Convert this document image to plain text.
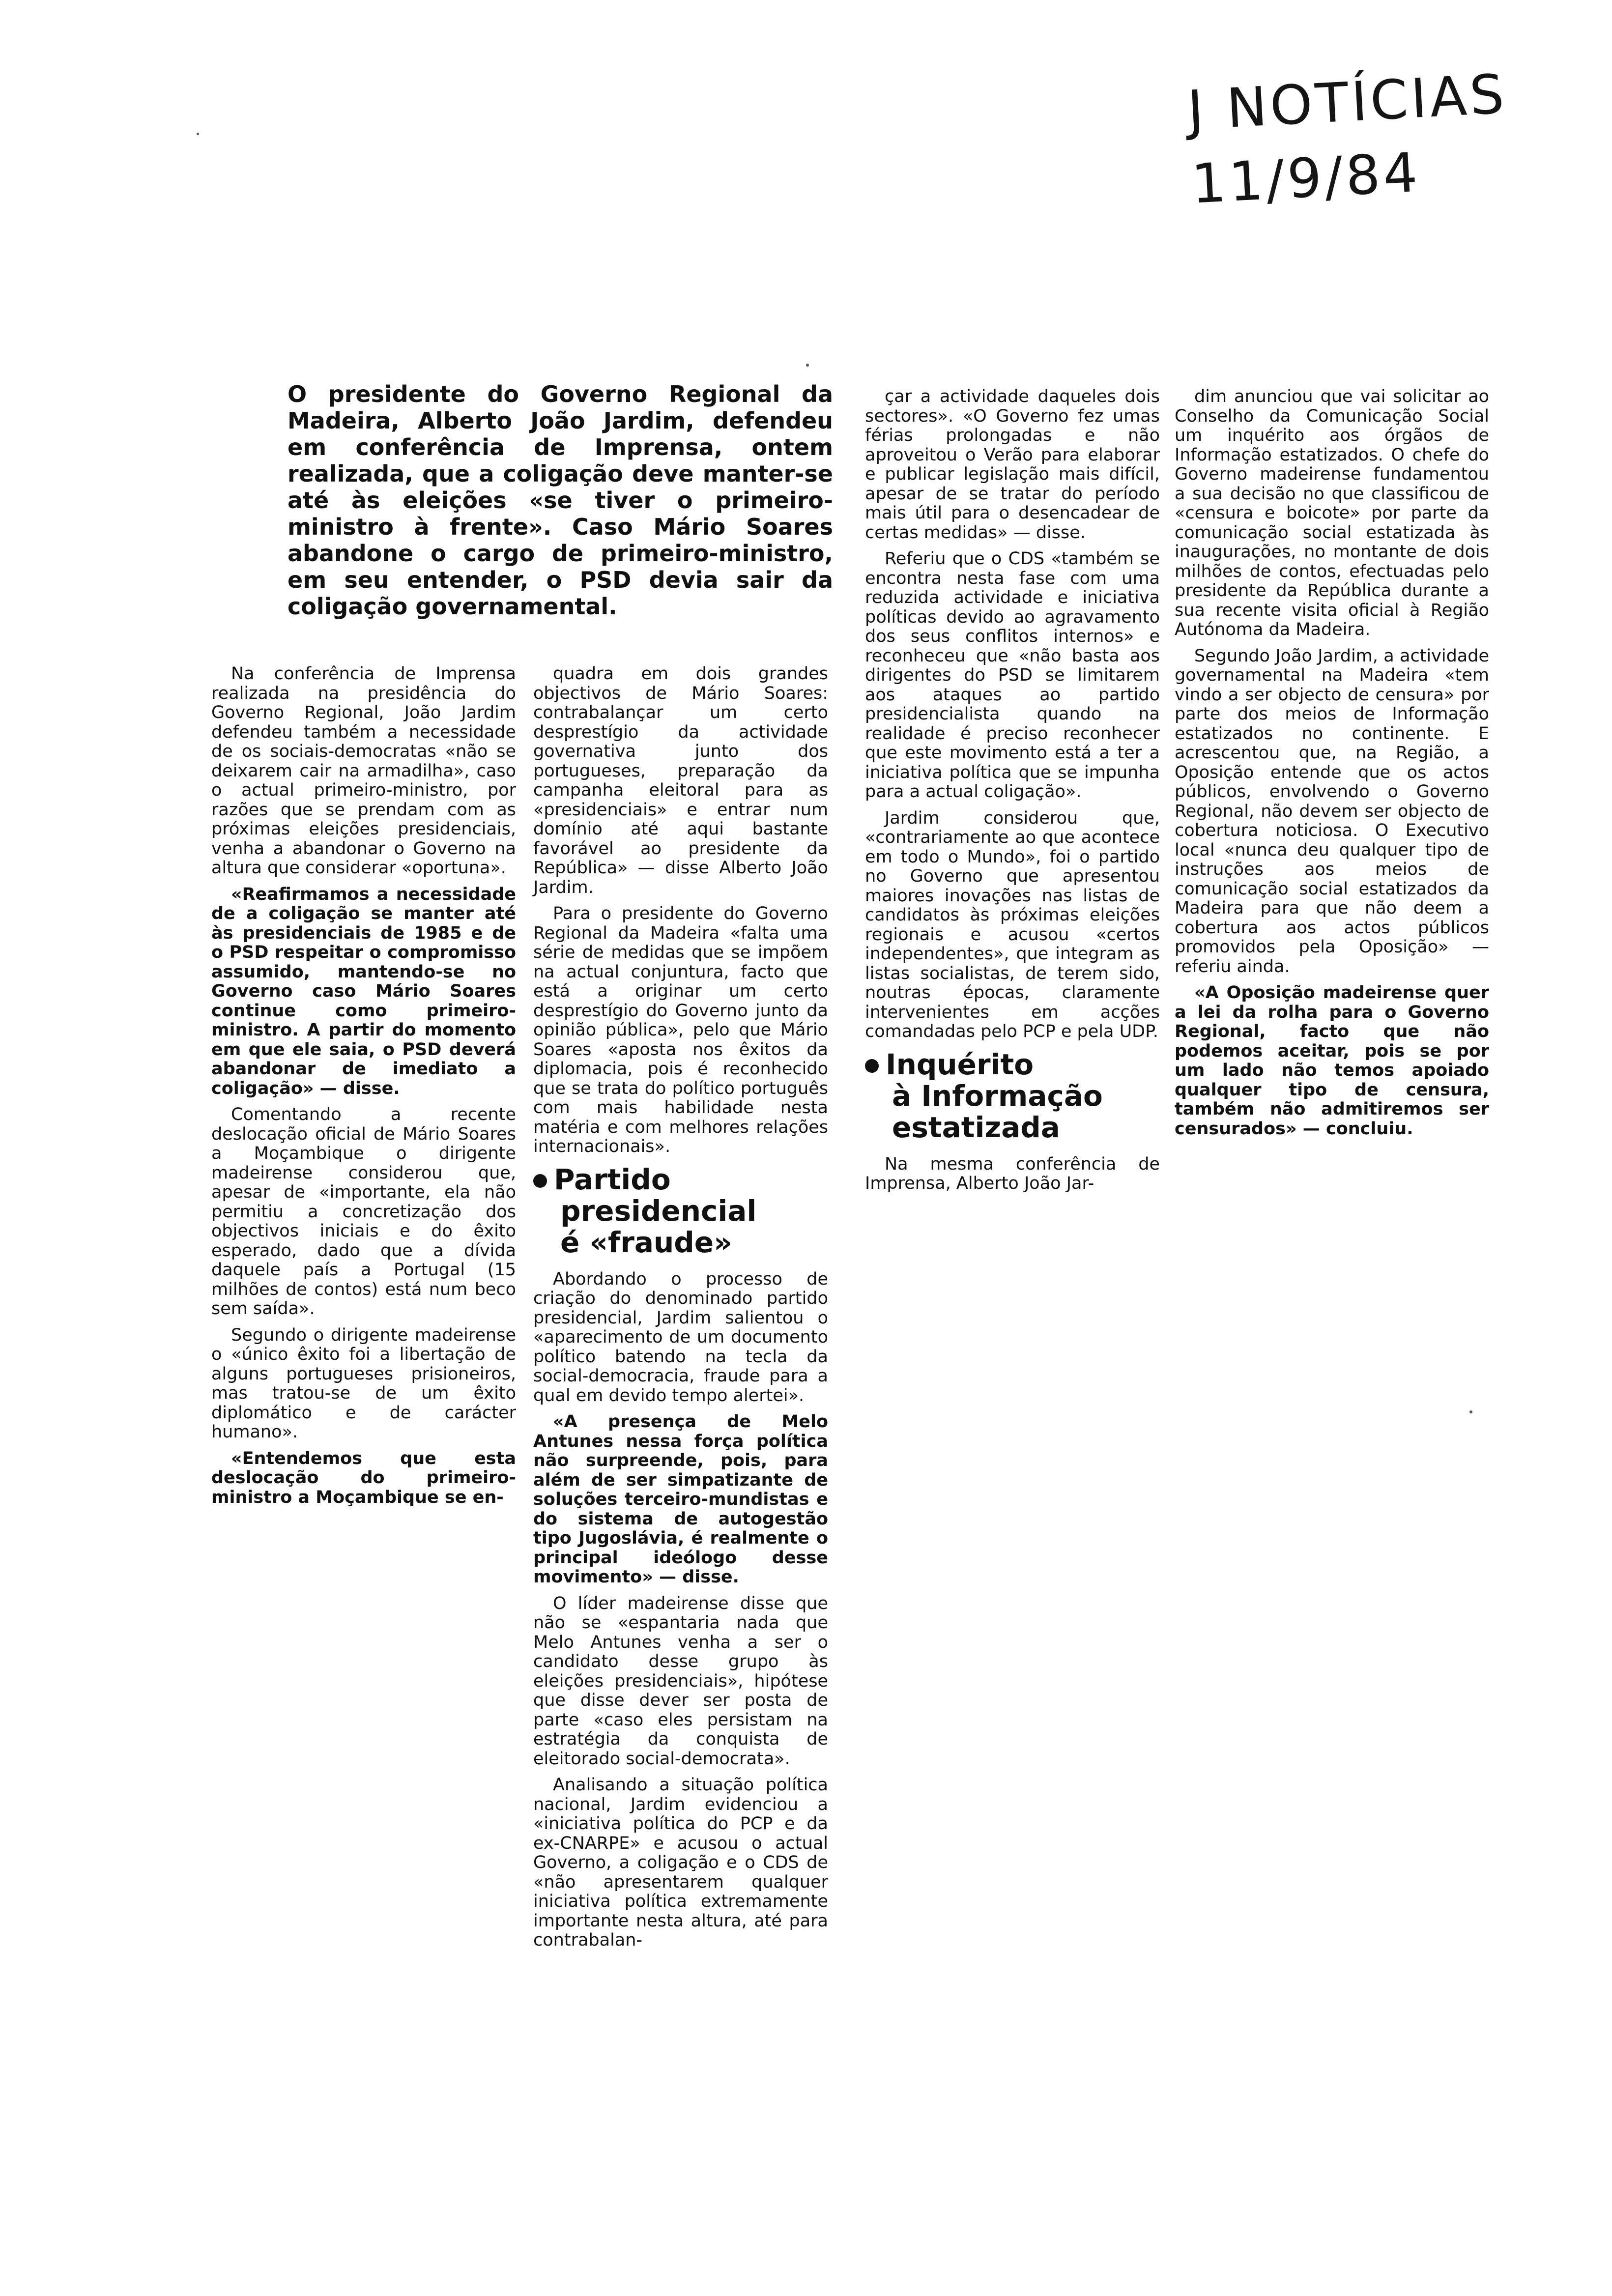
J NOTÍCIAS
11/9/84
O presidente do Governo Regional da Madeira, Alberto João Jardim, defendeu em conferência de Imprensa, ontem realizada, que a coligação deve manter-se até às eleições «se tiver o primeiro-ministro à frente». Caso Mário Soares abandone o cargo de primeiro-ministro, em seu entender, o PSD devia sair da coligação governamental.

Na conferência de Imprensa realizada na presidência do Governo Regional, João Jardim defendeu também a necessidade de os sociais-democratas «não se deixarem cair na armadilha», caso o actual primeiro-ministro, por razões que se prendam com as próximas eleições presidenciais, venha a abandonar o Governo na altura que considerar «oportuna».

«Reafirmamos a necessidade de a coligação se manter até às presidenciais de 1985 e de o PSD respeitar o compromisso assumido, mantendo-se no Governo caso Mário Soares continue como primeiro-ministro. A partir do momento em que ele saia, o PSD deverá abandonar de imediato a coligação» — disse.

Comentando a recente deslocação oficial de Mário Soares a Moçambique o dirigente madeirense considerou que, apesar de «importante, ela não permitiu a concretização dos objectivos iniciais e do êxito esperado, dado que a dívida daquele país a Portugal (15 milhões de contos) está num beco sem saída».

Segundo o dirigente madeirense o «único êxito foi a libertação de alguns portugueses prisioneiros, mas tratou-se de um êxito diplomático e de carácter humano».

«Entendemos que esta deslocação do primeiro-ministro a Moçambique se en-

quadra em dois grandes objectivos de Mário Soares: contrabalançar um certo desprestígio da actividade governativa junto dos portugueses, preparação da campanha eleitoral para as «presidenciais» e entrar num domínio até aqui bastante favorável ao presidente da República» — disse Alberto João Jardim.

Para o presidente do Governo Regional da Madeira «falta uma série de medidas que se impõem na actual conjuntura, facto que está a originar um certo desprestígio do Governo junto da opinião pública», pelo que Mário Soares «aposta nos êxitos da diplomacia, pois é reconhecido que se trata do político português com mais habilidade nesta matéria e com melhores relações internacionais».

Partido
presidencial
é «fraude»

Abordando o processo de criação do denominado partido presidencial, Jardim salientou o «aparecimento de um documento político batendo na tecla da social-democracia, fraude para a qual em devido tempo alertei».

«A presença de Melo Antunes nessa força política não surpreende, pois, para além de ser simpatizante de soluções terceiro-mundistas e do sistema de autogestão tipo Jugoslávia, é realmente o principal ideólogo desse movimento» — disse.

O líder madeirense disse que não se «espantaria nada que Melo Antunes venha a ser o candidato desse grupo às eleições presidenciais», hipótese que disse dever ser posta de parte «caso eles persistam na estratégia da conquista de eleitorado social-democrata».

Analisando a situação política nacional, Jardim evidenciou a «iniciativa política do PCP e da ex-CNARPE» e acusou o actual Governo, a coligação e o CDS de «não apresentarem qualquer iniciativa política extremamente importante nesta altura, até para contrabalan-

çar a actividade daqueles dois sectores». «O Governo fez umas férias prolongadas e não aproveitou o Verão para elaborar e publicar legislação mais difícil, apesar de se tratar do período mais útil para o desencadear de certas medidas» — disse.

Referiu que o CDS «também se encontra nesta fase com uma reduzida actividade e iniciativa políticas devido ao agravamento dos seus conflitos internos» e reconheceu que «não basta aos dirigentes do PSD se limitarem aos ataques ao partido presidencialista quando na realidade é preciso reconhecer que este movimento está a ter a iniciativa política que se impunha para a actual coligação».

Jardim considerou que, «contrariamente ao que acontece em todo o Mundo», foi o partido no Governo que apresentou maiores inovações nas listas de candidatos às próximas eleições regionais e acusou «certos independentes», que integram as listas socialistas, de terem sido, noutras épocas, claramente intervenientes em acções comandadas pelo PCP e pela UDP.

Inquérito
à Informação
estatizada

Na mesma conferência de Imprensa, Alberto João Jar-

dim anunciou que vai solicitar ao Conselho da Comunicação Social um inquérito aos órgãos de Informação estatizados. O chefe do Governo madeirense fundamentou a sua decisão no que classificou de «censura e boicote» por parte da comunicação social estatizada às inaugurações, no montante de dois milhões de contos, efectuadas pelo presidente da República durante a sua recente visita oficial à Região Autónoma da Madeira.

Segundo João Jardim, a actividade governamental na Madeira «tem vindo a ser objecto de censura» por parte dos meios de Informação estatizados no continente. E acrescentou que, na Região, a Oposição entende que os actos públicos, envolvendo o Governo Regional, não devem ser objecto de cobertura noticiosa. O Executivo local «nunca deu qualquer tipo de instruções aos meios de comunicação social estatizados da Madeira para que não deem a cobertura aos actos públicos promovidos pela Oposição» — referiu ainda.

«A Oposição madeirense quer a lei da rolha para o Governo Regional, facto que não podemos aceitar, pois se por um lado não temos apoiado qualquer tipo de censura, também não admitiremos ser censurados» — concluiu.
